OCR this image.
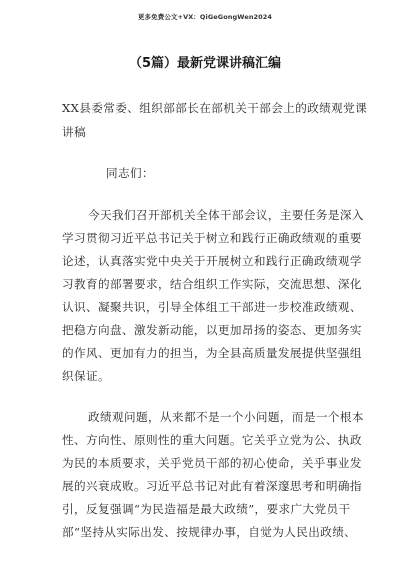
更多免费公文+VX：QiGeGongWen2024
（5篇）最新党课讲稿汇编
XX县委常委、组织部部长在部机关干部会上的政绩观党课
讲稿
同志们：
今天我们召开部机关全体干部会议，主要任务是深入
学习贯彻习近平总书记关于树立和践行正确政绩观的重要
论述，认真落实党中央关于开展树立和践行正确政绩观学
习教育的部署要求，结合组织工作实际，交流思想、深化
认识、凝聚共识，引导全体组工干部进一步校准政绩观、
把稳方向盘、激发新动能，以更加昂扬的姿态、更加务实
的作风、更加有力的担当，为全县高质量发展提供坚强组
织保证。
政绩观问题，从来都不是一个小问题，而是一个根本
性、方向性、原则性的重大问题。它关乎立党为公、执政
为民的本质要求，关乎党员干部的初心使命，关乎事业发
展的兴衰成败。习近平总书记对此有着深邃思考和明确指
引，反复强调“为民造福是最大政绩”，要求广大党员干
部“坚持从实际出发、按规律办事，自觉为人民出政绩、
